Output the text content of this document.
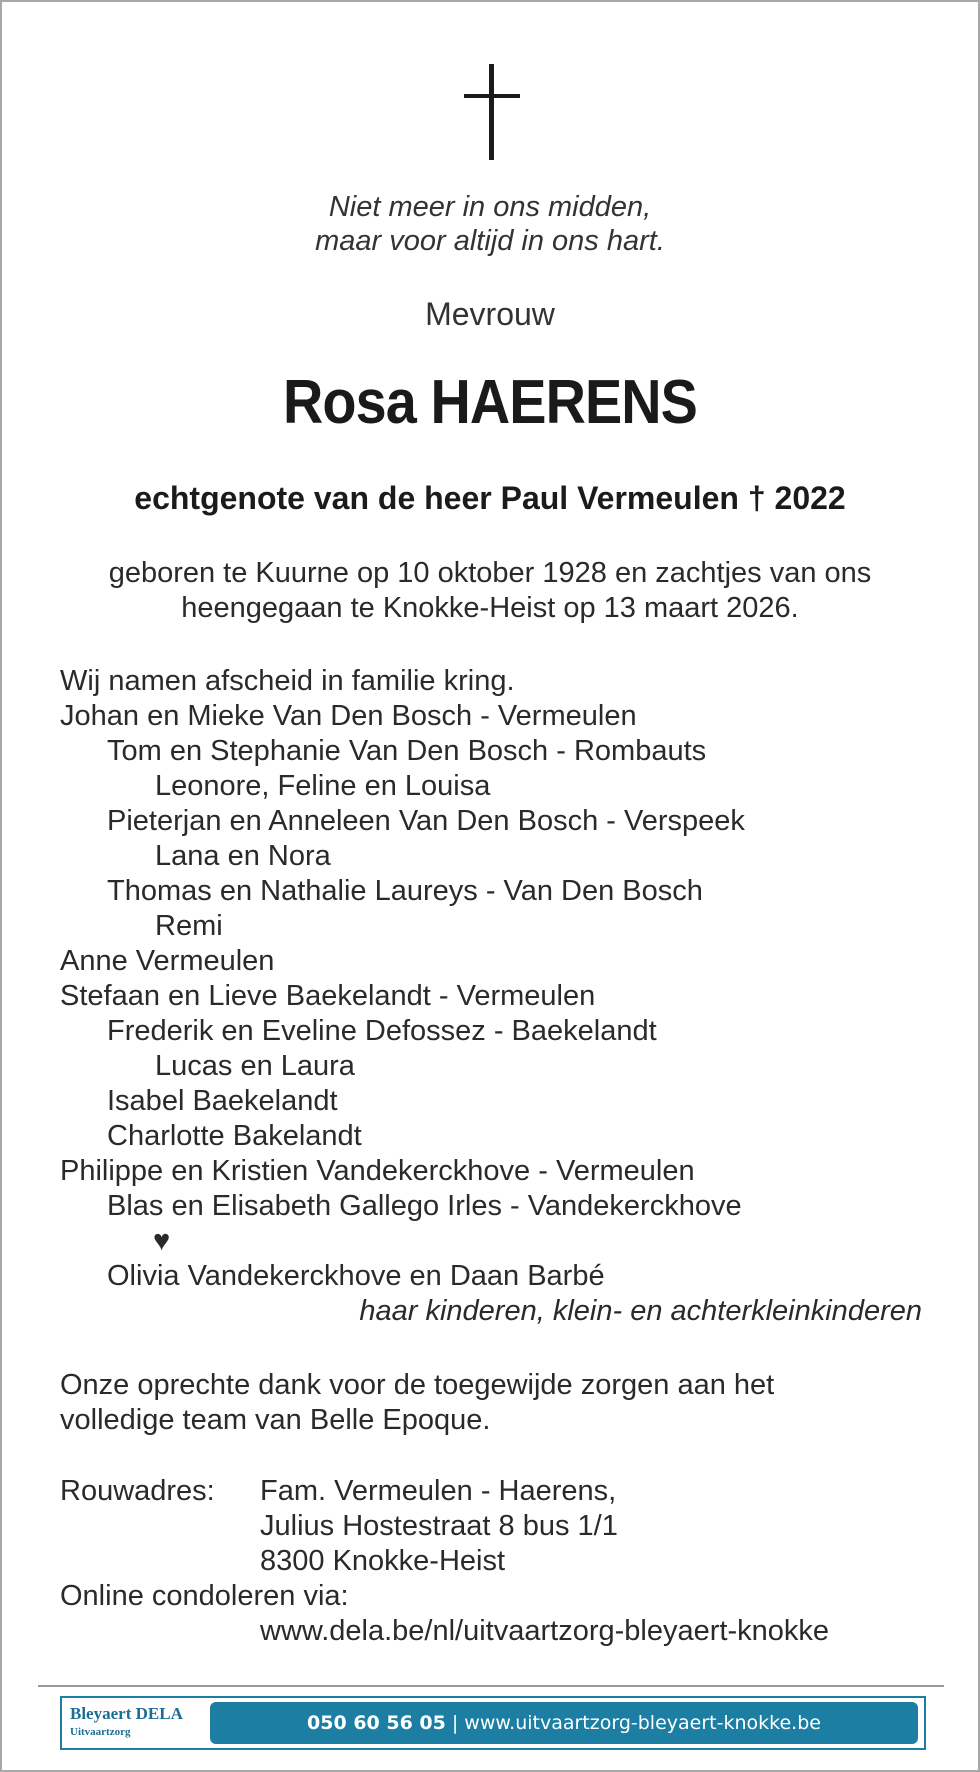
Niet meer in ons midden,
maar voor altijd in ons hart.
Mevrouw
Rosa HAERENS
echtgenote van de heer Paul Vermeulen † 2022
geboren te Kuurne op 10 oktober 1928 en zachtjes van ons
heengegaan te Knokke-Heist op 13 maart 2026.
Wij namen afscheid in familie kring.
Johan en Mieke Van Den Bosch - Vermeulen
Tom en Stephanie Van Den Bosch - Rombauts
Leonore, Feline en Louisa
Pieterjan en Anneleen Van Den Bosch - Verspeek
Lana en Nora
Thomas en Nathalie Laureys - Van Den Bosch
Remi
Anne Vermeulen
Stefaan en Lieve Baekelandt - Vermeulen
Frederik en Eveline Defossez - Baekelandt
Lucas en Laura
Isabel Baekelandt
Charlotte Bakelandt
Philippe en Kristien Vandekerckhove - Vermeulen
Blas en Elisabeth Gallego Irles - Vandekerckhove
♥
Olivia Vandekerckhove en Daan Barbé
haar kinderen, klein- en achterkleinkinderen
Onze oprechte dank voor de toegewijde zorgen aan het
volledige team van Belle Epoque.
Rouwadres: Fam. Vermeulen - Haerens,
Julius Hostestraat 8 bus 1/1
8300 Knokke-Heist
Online condoleren via:
www.dela.be/nl/uitvaartzorg-bleyaert-knokke
Bleyaert DELA
Uitvaartzorg	050 60 56 05 | www.uitvaartzorg-bleyaert-knokke.be
